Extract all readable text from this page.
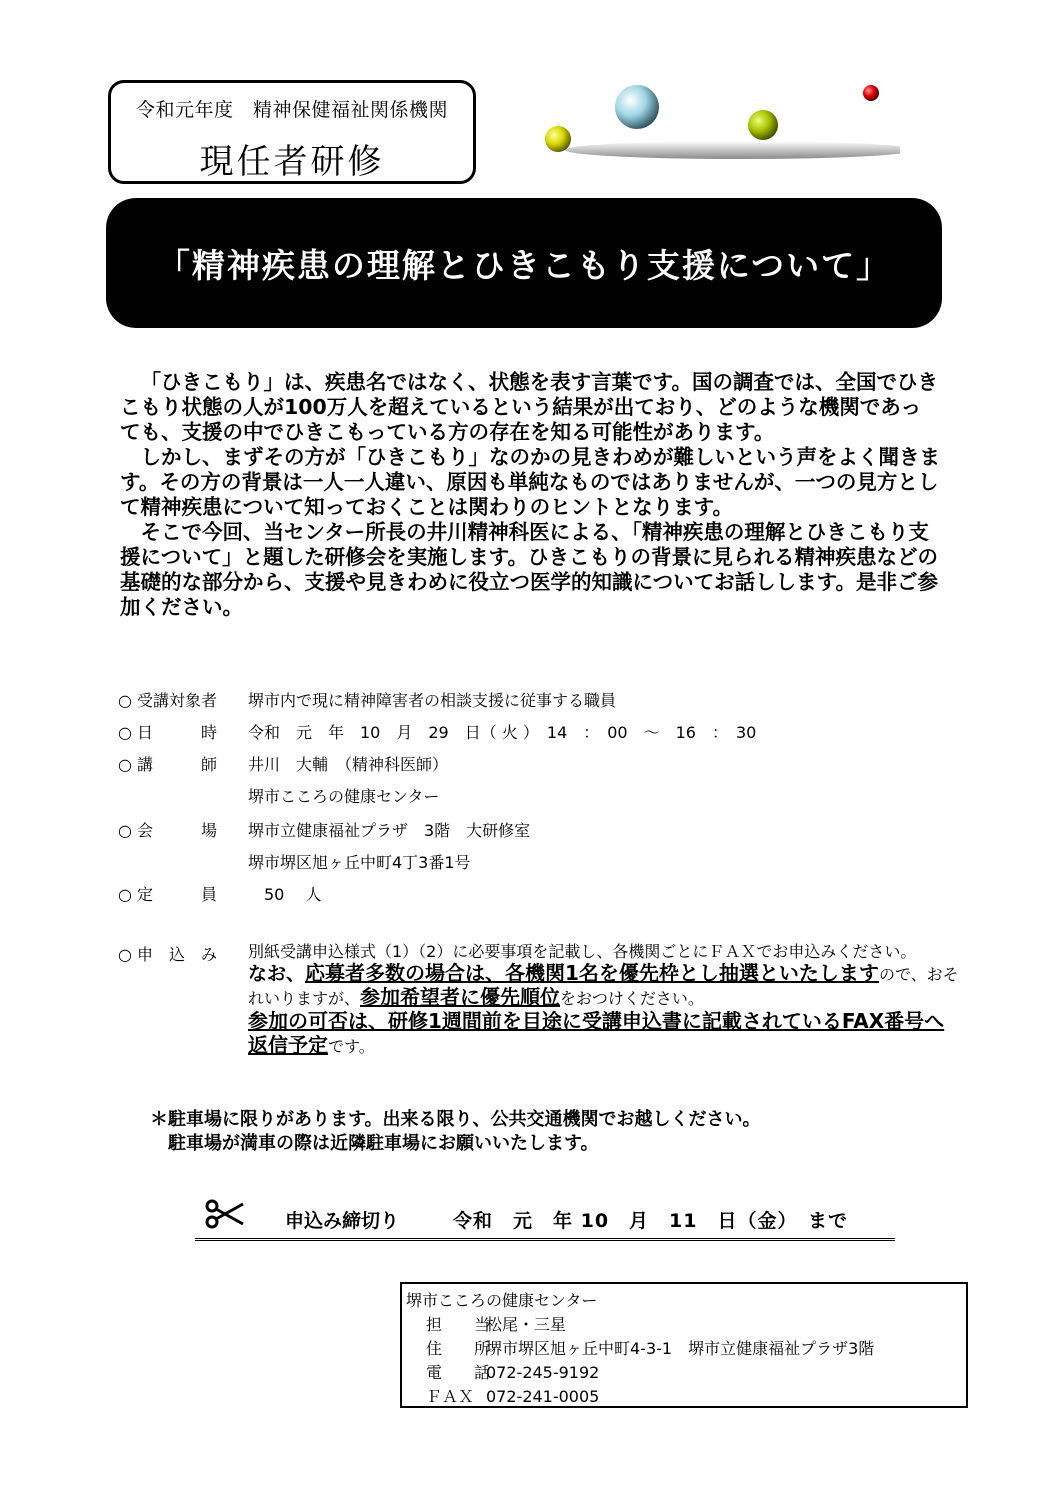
令和元年度　精神保健福祉関係機関
現任者研修
「精神疾患の理解とひきこもり支援について」

「ひきこもり」は、疾患名ではなく、状態を表す言葉です。国の調査では、全国でひきこもり状態の人が100万人を超えているという結果が出ており、どのような機関であっても、支援の中でひきこもっている方の存在を知る可能性があります。

しかし、まずその方が「ひきこもり」なのかの見きわめが難しいという声をよく聞きます。その方の背景は一人一人違い、原因も単純なものではありませんが、一つの見方として精神疾患について知っておくことは関わりのヒントとなります。

そこで今回、当センター所長の井川精神科医による、「精神疾患の理解とひきこもり支援について」と題した研修会を実施します。ひきこもりの背景に見られる精神疾患などの基礎的な部分から、支援や見きわめに役立つ医学的知識についてお話しします。是非ご参加ください。

○ 受講対象者 堺市内で現に精神障害者の相談支援に従事する職員
○ 日　　　時 令和　元　年　10　月　29　日（ 火 ）　14　：　00　～　16　：　30
○ 講　　　師 井川　大輔　（精神科医師）
堺市こころの健康センター
○ 会　　　場 堺市立健康福祉プラザ　3階　大研修室
堺市堺区旭ヶ丘中町4丁3番1号
○ 定　　　員　50　 人
○ 申　込　み 別紙受講申込様式（1）（2）に必要事項を記載し、各機関ごとにＦＡＸでお申込みください。
なお、応募者多数の場合は、各機関1名を優先枠とし抽選といたしますので、おそれいりますが、参加希望者に優先順位をおつけください。
参加の可否は、研修1週間前を目途に受講申込書に記載されているFAX番号へ返信予定です。
＊駐車場に限りがあります。出来る限り、公共交通機関でお越しください。
駐車場が満車の際は近隣駐車場にお願いいたします。
申込み締切り	令和　元　年 10　月　11　日（金）　まで
堺市こころの健康センター
担　　当松尾・三星
住　　所堺市堺区旭ヶ丘中町4-3-1　堺市立健康福祉プラザ3階
電　　話072-245-9192
ＦＡＸ 072-241-0005
